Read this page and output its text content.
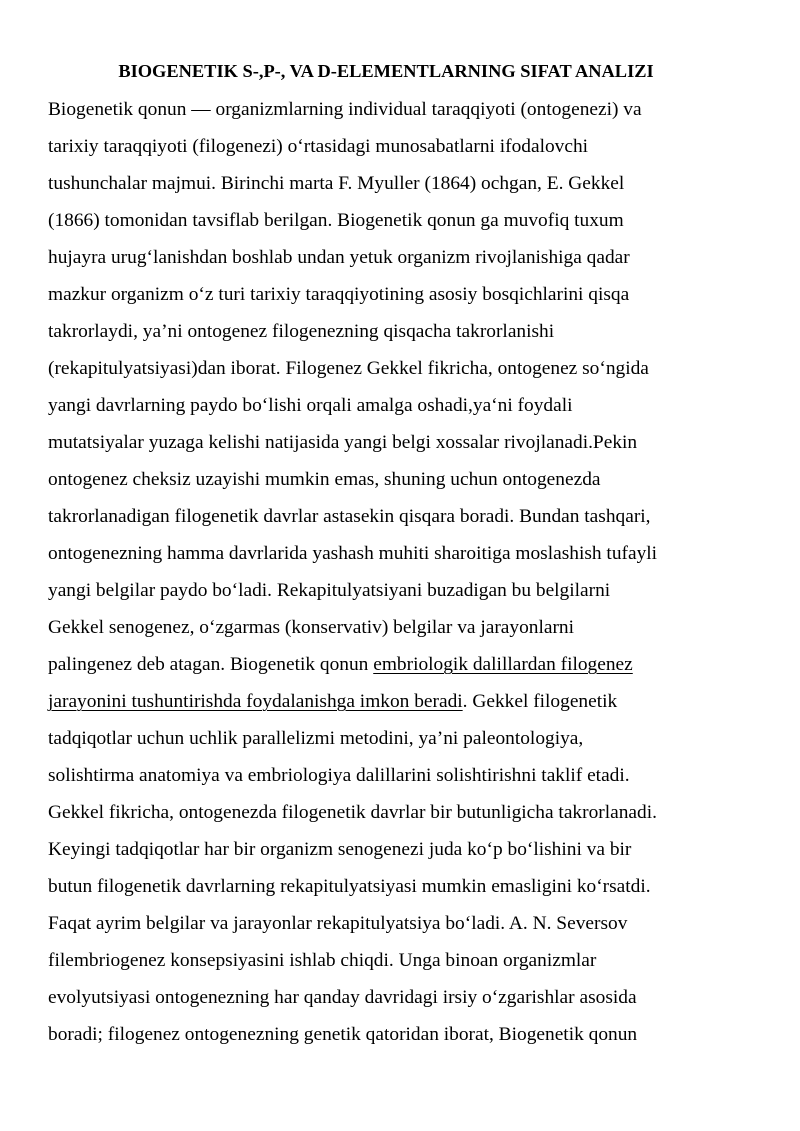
BIOGENETIK S-,P-, VA D-ELEMENTLARNING SIFAT ANALIZI
Biogenetik qonun — organizmlarning individual taraqqiyoti (ontogenezi) va
tarixiy taraqqiyoti (filogenezi) o‘rtasidagi munosabatlarni ifodalovchi
tushunchalar majmui. Birinchi marta F. Myuller (1864) ochgan, E. Gekkel
(1866) tomonidan tavsiflab berilgan. Biogenetik qonun ga muvofiq tuxum
hujayra urug‘lanishdan boshlab undan yetuk organizm rivojlanishiga qadar
mazkur organizm o‘z turi tarixiy taraqqiyotining asosiy bosqichlarini qisqa
takrorlaydi, ya’ni ontogenez filogenezning qisqacha takrorlanishi
(rekapitulyatsiyasi)dan iborat. Filogenez Gekkel fikricha, ontogenez so‘ngida
yangi davrlarning paydo bo‘lishi orqali amalga oshadi,ya‘ni foydali
mutatsiyalar yuzaga kelishi natijasida yangi belgi xossalar rivojlanadi.Pekin
ontogenez cheksiz uzayishi mumkin emas, shuning uchun ontogenezda
takrorlanadigan filogenetik davrlar astasekin qisqara boradi. Bundan tashqari,
ontogenezning hamma davrlarida yashash muhiti sharoitiga moslashish tufayli
yangi belgilar paydo bo‘ladi. Rekapitulyatsiyani buzadigan bu belgilarni
Gekkel senogenez, o‘zgarmas (konservativ) belgilar va jarayonlarni
palingenez deb atagan. Biogenetik qonun embriologik dalillardan filogenez
jarayonini tushuntirishda foydalanishga imkon beradi. Gekkel filogenetik
tadqiqotlar uchun uchlik parallelizmi metodini, ya’ni paleontologiya,
solishtirma anatomiya va embriologiya dalillarini solishtirishni taklif etadi.
Gekkel fikricha, ontogenezda filogenetik davrlar bir butunligicha takrorlanadi.
Keyingi tadqiqotlar har bir organizm senogenezi juda ko‘p bo‘lishini va bir
butun filogenetik davrlarning rekapitulyatsiyasi mumkin emasligini ko‘rsatdi.
Faqat ayrim belgilar va jarayonlar rekapitulyatsiya bo‘ladi. A. N. Seversov
filembriogenez konsepsiyasini ishlab chiqdi. Unga binoan organizmlar
evolyutsiyasi ontogenezning har qanday davridagi irsiy o‘zgarishlar asosida
boradi; filogenez ontogenezning genetik qatoridan iborat, Biogenetik qonun
